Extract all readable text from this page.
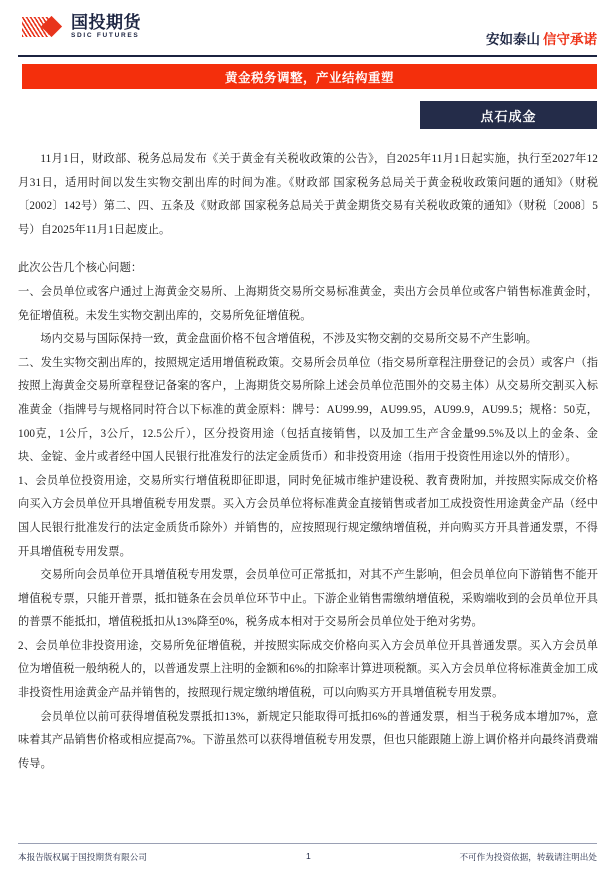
国投期货
SDIC FUTURES	安如泰山 信守承诺
黄金税务调整，产业结构重塑
点石成金

11月1日，财政部、税务总局发布《关于黄金有关税收政策的公告》，自2025年11月1日起实施，执行至2027年12月31日，适用时间以发生实物交割出库的时间为准。《财政部 国家税务总局关于黄金税收政策问题的通知》（财税〔2002〕142号）第二、四、五条及《财政部 国家税务总局关于黄金期货交易有关税收政策的通知》（财税〔2008〕5号）自2025年11月1日起废止。

此次公告几个核心问题：

一、会员单位或客户通过上海黄金交易所、上海期货交易所交易标准黄金，卖出方会员单位或客户销售标准黄金时，免征增值税。未发生实物交割出库的，交易所免征增值税。

场内交易与国际保持一致，黄金盘面价格不包含增值税，不涉及实物交割的交易所交易不产生影响。

二、发生实物交割出库的，按照规定适用增值税政策。交易所会员单位（指交易所章程注册登记的会员）或客户（指按照上海黄金交易所章程登记备案的客户，上海期货交易所除上述会员单位范围外的交易主体）从交易所交割买入标准黄金（指牌号与规格同时符合以下标准的黄金原料：牌号：AU99.99，AU99.95，AU99.9，AU99.5；规格：50克，100克，1公斤，3公斤，12.5公斤），区分投资用途（包括直接销售，以及加工生产含金量99.5%及以上的金条、金块、金锭、金片或者经中国人民银行批准发行的法定金质货币）和非投资用途（指用于投资性用途以外的情形）。

1、会员单位投资用途，交易所实行增值税即征即退，同时免征城市维护建设税、教育费附加，并按照实际成交价格向买入方会员单位开具增值税专用发票。买入方会员单位将标准黄金直接销售或者加工成投资性用途黄金产品（经中国人民银行批准发行的法定金质货币除外）并销售的，应按照现行规定缴纳增值税，并向购买方开具普通发票，不得开具增值税专用发票。

交易所向会员单位开具增值税专用发票，会员单位可正常抵扣，对其不产生影响，但会员单位向下游销售不能开增值税专票，只能开普票，抵扣链条在会员单位环节中止。下游企业销售需缴纳增值税，采购端收到的会员单位开具的普票不能抵扣，增值税抵扣从13%降至0%，税务成本相对于交易所会员单位处于绝对劣势。

2、会员单位非投资用途，交易所免征增值税，并按照实际成交价格向买入方会员单位开具普通发票。买入方会员单位为增值税一般纳税人的，以普通发票上注明的金额和6%的扣除率计算进项税额。买入方会员单位将标准黄金加工成非投资性用途黄金产品并销售的，按照现行规定缴纳增值税，可以向购买方开具增值税专用发票。

会员单位以前可获得增值税发票抵扣13%，新规定只能取得可抵扣6%的普通发票，相当于税务成本增加7%，意味着其产品销售价格或相应提高7%。下游虽然可以获得增值税专用发票，但也只能跟随上游上调价格并向最终消费端传导。

本报告版权属于国投期货有限公司	1	不可作为投资依据，转载请注明出处
